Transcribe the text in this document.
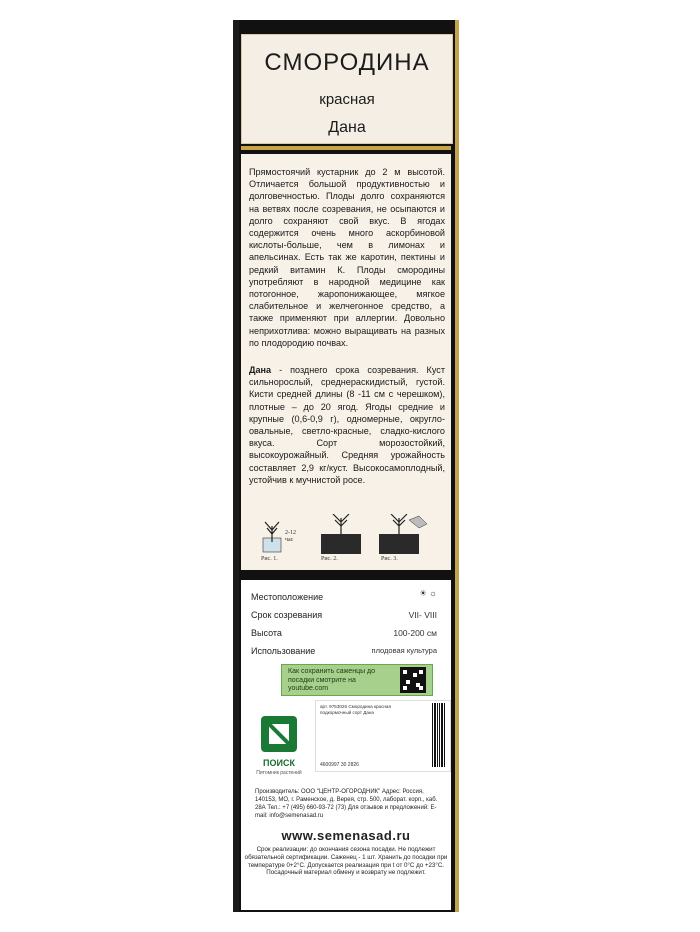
СМОРОДИНА
красная
Дана

Прямостоячий кустарник до 2 м высотой. Отличается большой продуктивностью и долговечностью. Плоды долго сохраняются на ветвях после созревания, не осыпаются и долго сохраняют свой вкус. В ягодах содержится очень много аскорбиновой кислоты-больше, чем в лимонах и апельсинах. Есть так же каротин, пектины и редкий витамин К. Плоды смородины употребляют в народной медицине как потогонное, жаропонижающее, мягкое слабительное и желчегонное средство, а также применяют при аллергии. Довольно неприхотлива: можно выращивать на разных по плодородию почвах.

Дана - позднего срока созревания. Куст сильнорослый, среднераскидистый, густой. Кисти средней длины (8 -11 см с черешком), плотные – до 20 ягод. Ягоды средние и крупные (0,6-0,9 г), одномерные, округло-овальные, светло-красные, сладко-кислого вкуса. Сорт морозостойкий, высокоурожайный. Средняя урожайность составляет 2,9 кг/куст. Высокосамоплодный, устойчив к мучнистой росе.

2-12 час
Рис. 1.	Рис. 2.	Рис. 3.
Местоположение	☀ ☼
Срок созревания	VII- VIII
Высота	100-200 см
Использование	плодовая культура
Как сохранить саженцы до посадки смотрите на youtube.com
ПОИСК
Питомник растений
арт. 9753026 Смородина красная подкормочный сорт Дана
4600997 30 2826
Производитель: ООО "ЦЕНТР-ОГОРОДНИК" Адрес: Россия, 140153, МО, г. Раменское, д. Верея, стр. 500, лаборат. корп., каб. 28А Тел.: +7 (495) 660-93-72 (73) Для отзывов и предложений: E-mail: info@semenasad.ru
www.semenasad.ru
Срок реализации: до окончания сезона посадки. Не подлежит обязательной сертификации. Саженец - 1 шт. Хранить до посадки при температуре 0+2°C. Допускается реализация при t от 0°C до +23°C. Посадочный материал обмену и возврату не подлежит.
Поиск 1541
